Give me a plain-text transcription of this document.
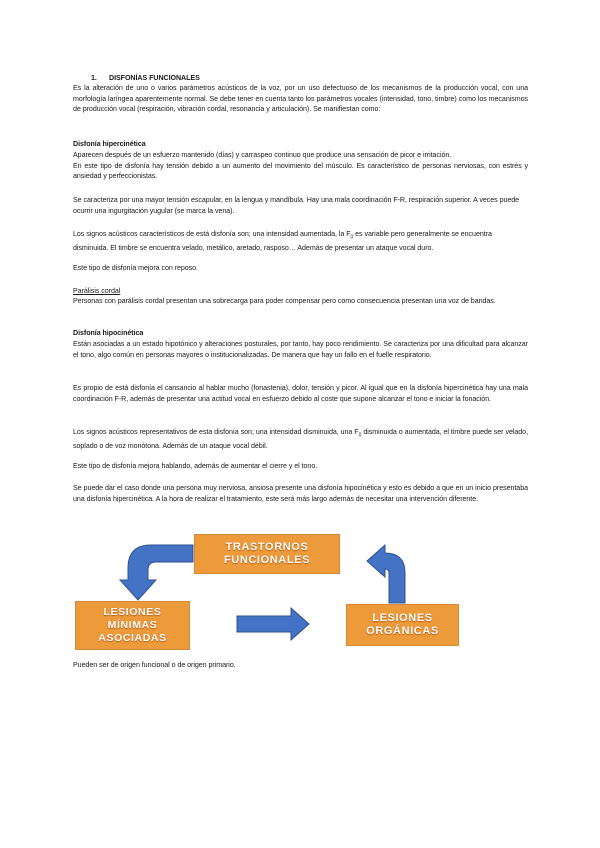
1. DISFONÍAS FUNCIONALES

Es la alteración de uno o varios parámetros acústicos de la voz, por un uso defectuoso de los mecanismos de la producción vocal, con una morfología laríngea aparentemente normal. Se debe tener en cuenta tanto los parámetros vocales (intensidad, tono, timbre) como los mecanismos de producción vocal (respiración, vibración cordal, resonancia y articulación). Se manifiestan como:

Disfonía hipercinética

Aparecen después de un esfuerzo mantenido (días) y carraspeo continuo que produce una sensación de picor e irritación.

En este tipo de disfonía hay tensión debido a un aumento del movimiento del músculo. Es característico de personas nerviosas, con estrés y ansiedad y perfeccionistas.

Se caracteriza por una mayor tensión escapular, en la lengua y mandíbula. Hay una mala coordinación F-R, respiración superior. A veces puede ocurrir una ingurgitación yugular (se marca la vena).

Los signos acústicos característicos de está disfonía son; una intensidad aumentada, la $F_0$ es variable pero generalmente se encuentra disminuida. El timbre se encuentra velado, metálico, aretado, rasposo… Además de presentar un ataque vocal duro.

Este tipo de disfonía mejora con reposo.

Parálisis cordal

Personas con parálisis cordal presentan una sobrecarga para poder compensar pero como consecuencia presentan una voz de bandas.

Disfonía hipocinética

Están asociadas a un estado hipotónico y alteraciones posturales, por tanto, hay poco rendimiento. Se caracteriza por una dificultad para alcanzar el tono, algo común en personas mayores o institucionalizadas. De manera que hay un fallo en el fuelle respiratorio.

Es propio de está disfonía el cansancio al hablar mucho (fonastenia), dolor, tensión y picor. Al igual que en la disfonía hipercinética hay una mala coordinación F-R, además de presentar una actitud vocal en esfuerzo debido al coste que supone alcanzar el tono e iniciar la fonación.

Los signos acústicos representativos de esta disfonía son; una intensidad disminuida, una $F_0$ disminuida o aumentada, el timbre puede ser velado, soplado o de voz monótona. Además de un ataque vocal débil.

Este tipo de disfonía mejora hablando, además de aumentar el cierre y el tono.

Se puede dar el caso donde una persona muy nerviosa, ansiosa presente una disfonía hipocinética y esto es debido a que en un inicio presentaba una disfonía hipercinética. A la hora de realizar el tratamiento, este será más largo además de necesitar una intervención diferente.

TRASTORNOS
FUNCIONALES
LESIONES
MÍNIMAS
ASOCIADAS
LESIONES
ORGÁNICAS

Pueden ser de origen funcional o de origen primario.
